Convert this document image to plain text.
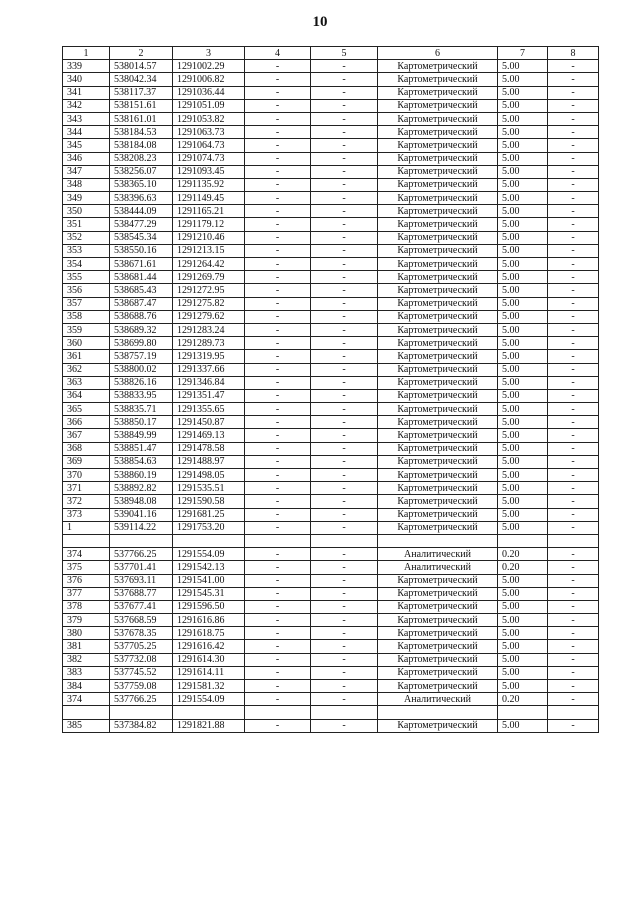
10
1	2	3	4	5	6	7	8
339	538014.57	1291002.29	-	-	Картометрический	5.00	-
340	538042.34	1291006.82	-	-	Картометрический	5.00	-
341	538117.37	1291036.44	-	-	Картометрический	5.00	-
342	538151.61	1291051.09	-	-	Картометрический	5.00	-
343	538161.01	1291053.82	-	-	Картометрический	5.00	-
344	538184.53	1291063.73	-	-	Картометрический	5.00	-
345	538184.08	1291064.73	-	-	Картометрический	5.00	-
346	538208.23	1291074.73	-	-	Картометрический	5.00	-
347	538256.07	1291093.45	-	-	Картометрический	5.00	-
348	538365.10	1291135.92	-	-	Картометрический	5.00	-
349	538396.63	1291149.45	-	-	Картометрический	5.00	-
350	538444.09	1291165.21	-	-	Картометрический	5.00	-
351	538477.29	1291179.12	-	-	Картометрический	5.00	-
352	538545.34	1291210.46	-	-	Картометрический	5.00	-
353	538550.16	1291213.15	-	-	Картометрический	5.00	-
354	538671.61	1291264.42	-	-	Картометрический	5.00	-
355	538681.44	1291269.79	-	-	Картометрический	5.00	-
356	538685.43	1291272.95	-	-	Картометрический	5.00	-
357	538687.47	1291275.82	-	-	Картометрический	5.00	-
358	538688.76	1291279.62	-	-	Картометрический	5.00	-
359	538689.32	1291283.24	-	-	Картометрический	5.00	-
360	538699.80	1291289.73	-	-	Картометрический	5.00	-
361	538757.19	1291319.95	-	-	Картометрический	5.00	-
362	538800.02	1291337.66	-	-	Картометрический	5.00	-
363	538826.16	1291346.84	-	-	Картометрический	5.00	-
364	538833.95	1291351.47	-	-	Картометрический	5.00	-
365	538835.71	1291355.65	-	-	Картометрический	5.00	-
366	538850.17	1291450.87	-	-	Картометрический	5.00	-
367	538849.99	1291469.13	-	-	Картометрический	5.00	-
368	538851.47	1291478.58	-	-	Картометрический	5.00	-
369	538854.63	1291488.97	-	-	Картометрический	5.00	-
370	538860.19	1291498.05	-	-	Картометрический	5.00	-
371	538892.82	1291535.51	-	-	Картометрический	5.00	-
372	538948.08	1291590.58	-	-	Картометрический	5.00	-
373	539041.16	1291681.25	-	-	Картометрический	5.00	-
1	539114.22	1291753.20	-	-	Картометрический	5.00	-

374	537766.25	1291554.09	-	-	Аналитический	0.20	-
375	537701.41	1291542.13	-	-	Аналитический	0.20	-
376	537693.11	1291541.00	-	-	Картометрический	5.00	-
377	537688.77	1291545.31	-	-	Картометрический	5.00	-
378	537677.41	1291596.50	-	-	Картометрический	5.00	-
379	537668.59	1291616.86	-	-	Картометрический	5.00	-
380	537678.35	1291618.75	-	-	Картометрический	5.00	-
381	537705.25	1291616.42	-	-	Картометрический	5.00	-
382	537732.08	1291614.30	-	-	Картометрический	5.00	-
383	537745.52	1291614.11	-	-	Картометрический	5.00	-
384	537759.08	1291581.32	-	-	Картометрический	5.00	-
374	537766.25	1291554.09	-	-	Аналитический	0.20	-

385	537384.82	1291821.88	-	-	Картометрический	5.00	-
